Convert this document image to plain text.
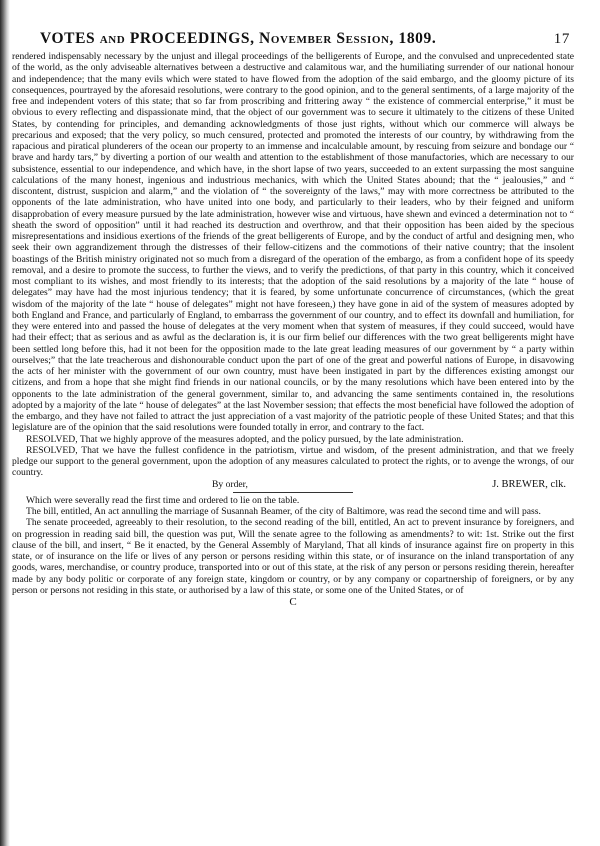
VOTES and PROCEEDINGS, November Session, 1809.	17

rendered indispensably necessary by the unjust and illegal proceedings of the belligerents of Europe, and the convulsed and unprecedented state of the world, as the only adviseable alternatives between a destructive and calamitous war, and the humiliating surrender of our national honour and independence; that the many evils which were stated to have flowed from the adoption of the said embargo, and the gloomy picture of its consequences, pourtrayed by the aforesaid resolutions, were contrary to the good opinion, and to the general sentiments, of a large majority of the free and independent voters of this state; that so far from proscribing and frittering away “ the existence of commercial enterprise,” it must be obvious to every reflecting and dispassionate mind, that the object of our government was to secure it ultimately to the citizens of these United States, by contending for principles, and demanding acknowledgments of those just rights, without which our commerce will always be precarious and exposed; that the very policy, so much censured, protected and promoted the interests of our country, by withdrawing from the rapacious and piratical plunderers of the ocean our property to an immense and incalculable amount, by rescuing from seizure and bondage our “ brave and hardy tars,” by diverting a portion of our wealth and attention to the establishment of those manufactories, which are necessary to our subsistence, essential to our independence, and which have, in the short lapse of two years, succeeded to an extent surpassing the most sanguine calculations of the many honest, ingenious and industrious mechanics, with which the United States abound; that the “ jealousies,” and “ discontent, distrust, suspicion and alarm,” and the violation of “ the sovereignty of the laws,” may with more correctness be attributed to the opponents of the late administration, who have united into one body, and particularly to their leaders, who by their feigned and uniform disapprobation of every measure pursued by the late administration, however wise and virtuous, have shewn and evinced a determination not to “ sheath the sword of opposition” until it had reached its destruction and overthrow, and that their opposition has been aided by the specious misrepresentations and insidious exertions of the friends of the great belligerents of Europe, and by the conduct of artful and designing men, who seek their own aggrandizement through the distresses of their fellow-citizens and the commotions of their native country; that the insolent boastings of the British ministry originated not so much from a disregard of the operation of the embargo, as from a confident hope of its speedy removal, and a desire to promote the success, to further the views, and to verify the predictions, of that party in this country, which it conceived most compliant to its wishes, and most friendly to its interests; that the adoption of the said resolutions by a majority of the late “ house of delegates” may have had the most injurious tendency; that it is feared, by some unfortunate concurrence of circumstances, (which the great wisdom of the majority of the late “ house of delegates” might not have foreseen,) they have gone in aid of the system of measures adopted by both England and France, and particularly of England, to embarrass the government of our country, and to effect its downfall and humiliation, for they were entered into and passed the house of delegates at the very moment when that system of measures, if they could succeed, would have had their effect; that as serious and as awful as the declaration is, it is our firm belief our differences with the two great belligerents might have been settled long before this, had it not been for the opposition made to the late great leading measures of our government by “ a party within ourselves;” that the late treacherous and dishonourable conduct upon the part of one of the great and powerful nations of Europe, in disavowing the acts of her minister with the government of our own country, must have been instigated in part by the differences existing amongst our citizens, and from a hope that she might find friends in our national councils, or by the many resolutions which have been entered into by the opponents to the late administration of the general government, similar to, and advancing the same sentiments contained in, the resolutions adopted by a majority of the late “ house of delegates” at the last November session; that effects the most beneficial have followed the adoption of the embargo, and they have not failed to attract the just appreciation of a vast majority of the patriotic people of these United States; and that this legislature are of the opinion that the said resolutions were founded totally in error, and contrary to the fact.

RESOLVED, That we highly approve of the measures adopted, and the policy pursued, by the late administration.

RESOLVED, That we have the fullest confidence in the patriotism, virtue and wisdom, of the present administration, and that we freely pledge our support to the general government, upon the adoption of any measures calculated to protect the rights, or to avenge the wrongs, of our country.

By order,	J. BREWER, clk.

Which were severally read the first time and ordered to lie on the table.

The bill, entitled, An act annulling the marriage of Susannah Beamer, of the city of Baltimore, was read the second time and will pass.

The senate proceeded, agreeably to their resolution, to the second reading of the bill, entitled, An act to prevent insurance by foreigners, and on progression in reading said bill, the question was put, Will the senate agree to the following as amendments? to wit: 1st. Strike out the first clause of the bill, and insert, “ Be it enacted, by the General Assembly of Maryland, That all kinds of insurance against fire on property in this state, or of insurance on the life or lives of any person or persons residing within this state, or of insurance on the inland transportation of any goods, wares, merchandise, or country produce, transported into or out of this state, at the risk of any person or persons residing therein, hereafter made by any body politic or corporate of any foreign state, kingdom or country, or by any company or copartnership of foreigners, or by any person or persons not residing in this state, or authorised by a law of this state, or some one of the United States, or of

C
